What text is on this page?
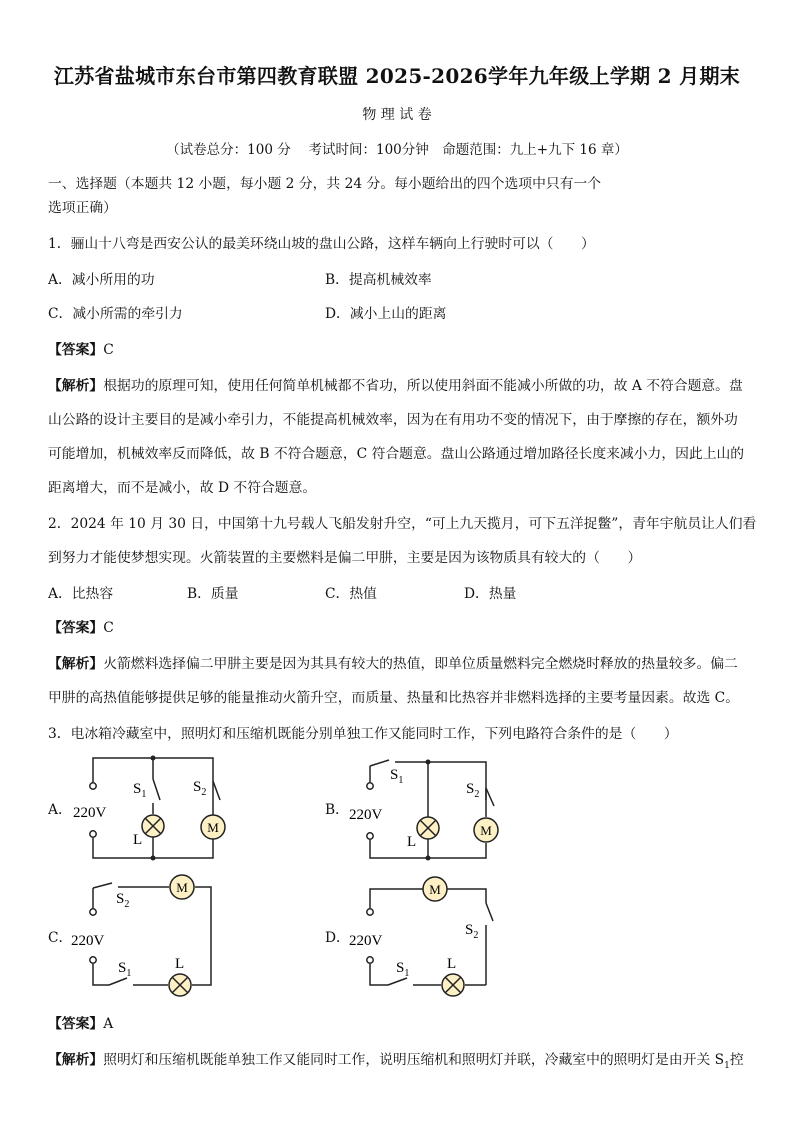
江苏省盐城市东台市第四教育联盟 2025-2026学年九年级上学期 2 月期末
物 理 试 卷
（试卷总分：100 分　 考试时间：100分钟　命题范围：九上+九下 16 章）
一、选择题（本题共 12 小题，每小题 2 分，共 24 分。每小题给出的四个选项中只有一个
选项正确）
1．骊山十八弯是西安公认的最美环绕山坡的盘山公路，这样车辆向上行驶时可以（　　）
A．减小所用的功	B．提高机械效率
C．减小所需的牵引力	D．减小上山的距离
【答案】C
【解析】根据功的原理可知，使用任何简单机械都不省功，所以使用斜面不能减小所做的功，故 A 不符合题意。盘
山公路的设计主要目的是减小牵引力，不能提高机械效率，因为在有用功不变的情况下，由于摩擦的存在，额外功
可能增加，机械效率反而降低，故 B 不符合题意，C 符合题意。盘山公路通过增加路径长度来减小力，因此上山的
距离增大，而不是减小，故 D 不符合题意。
2．2024 年 10 月 30 日，中国第十九号载人飞船发射升空，“可上九天揽月，可下五洋捉鳖”，青年宇航员让人们看
到努力才能使梦想实现。火箭装置的主要燃料是偏二甲肼，主要是因为该物质具有较大的（　　）
A．比热容	B．质量	C．热值	D．热量
【答案】C
【解析】火箭燃料选择偏二甲肼主要是因为其具有较大的热值，即单位质量燃料完全燃烧时释放的热量较多。偏二
甲肼的高热值能够提供足够的能量推动火箭升空，而质量、热量和比热容并非燃料选择的主要考量因素。故选 C。
3．电冰箱冷藏室中，照明灯和压缩机既能分别单独工作又能同时工作，下列电路符合条件的是（　　）
A．
M
220V
$S_1$	$S_2$
L
B．
M
220V
$S_1$
$S_2$
L
C．
M
220V
$S_2$
$S_1$
L
D．
M
220V
$S_2$
$S_1$
L
【答案】A
【解析】照明灯和压缩机既能单独工作又能同时工作，说明压缩机和照明灯并联，冷藏室中的照明灯是由开关 $S_1$控
